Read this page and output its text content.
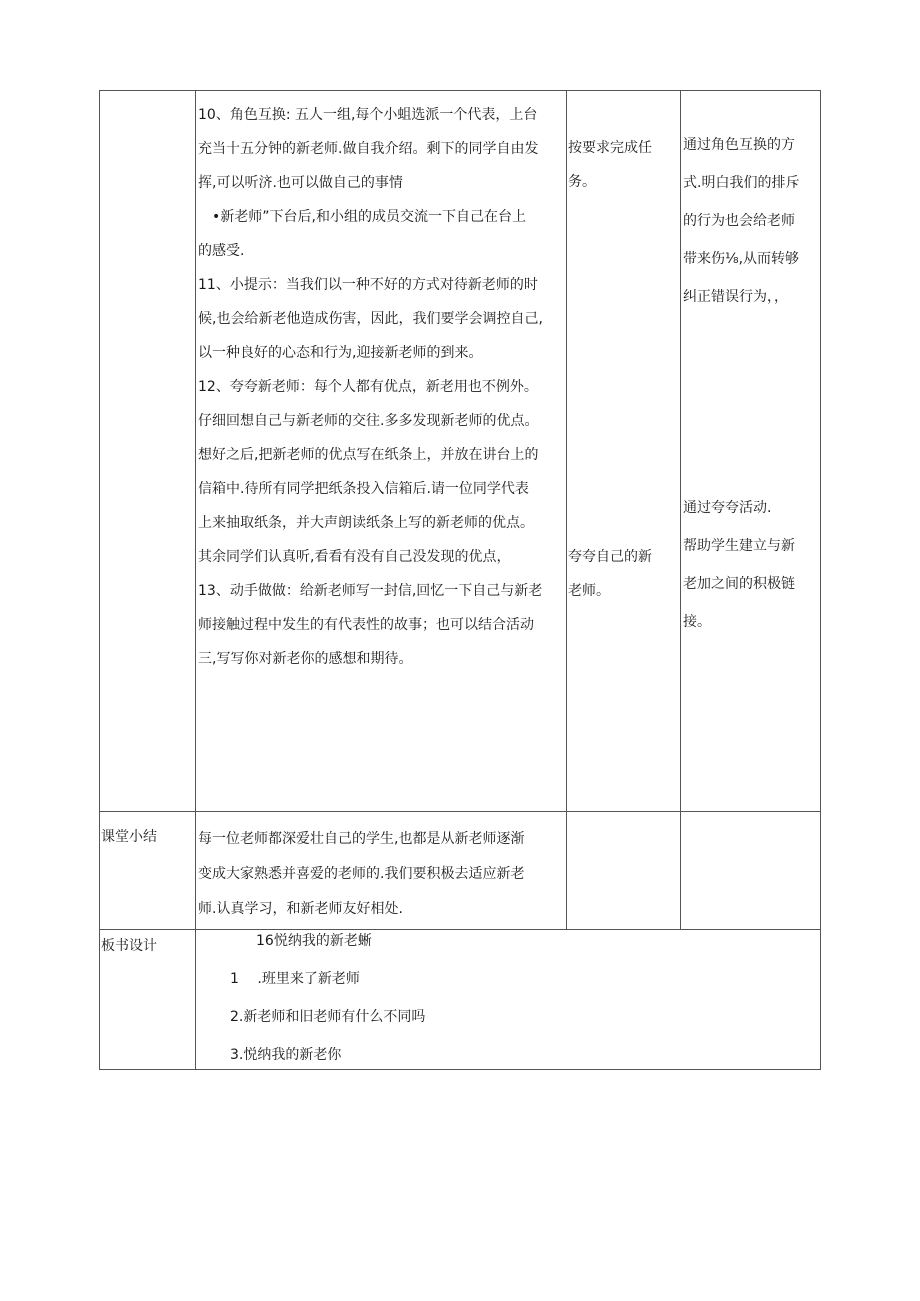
10、角色互换: 五人一组,每个小蛆选派一个代表，上台

充当十五分钟的新老师.做自我介绍。剩下的同学自由发

挥,可以听济.也可以做自己的事情

•新老师”下台后,和小组的成员交流一下自己在台上

的感受.

11、小提示：当我们以一种不好的方式对待新老师的时

候,也会给新老他造成伤害，因此，我们要学会调控自己,

以一种良好的心态和行为,迎接新老师的到来。

12、夸夸新老师：每个人都有优点，新老用也不例外。

仔细回想自己与新老师的交往.多多发现新老师的优点。

想好之后,把新老师的优点写在纸条上，并放在讲台上的

信箱中.待所有同学把纸条投入信箱后.请一位同学代表

上来抽取纸条，并大声朗读纸条上写的新老师的优点。

其余同学们认真听,看看有没有自己没发现的优点，

13、动手做做：给新老师写一封信,回忆一下自己与新老

师接触过程中发生的有代表性的故事；也可以结合活动

三,写写你对新老你的感想和期待。

按要求完成任

务。

夸夸自己的新

老师。

通过角色互换的方

式.明白我们的排斥

的行为也会给老师

带来伤⅛,从而转够

纠正错误行为，，

通过夸夸活动.

帮助学生建立与新

老加之间的积极链

接。

课堂小结	每一位老师都深爱壮自己的学生,也都是从新老师逐渐

变成大家熟悉并喜爱的老师的.我们要积极去适应新老

师.认真学习，和新老师友好相处.

板书设计	16悦纳我的新老蜥

1 .班里来了新老师

2.新老师和旧老师有什么不同吗

3.悦纳我的新老你
